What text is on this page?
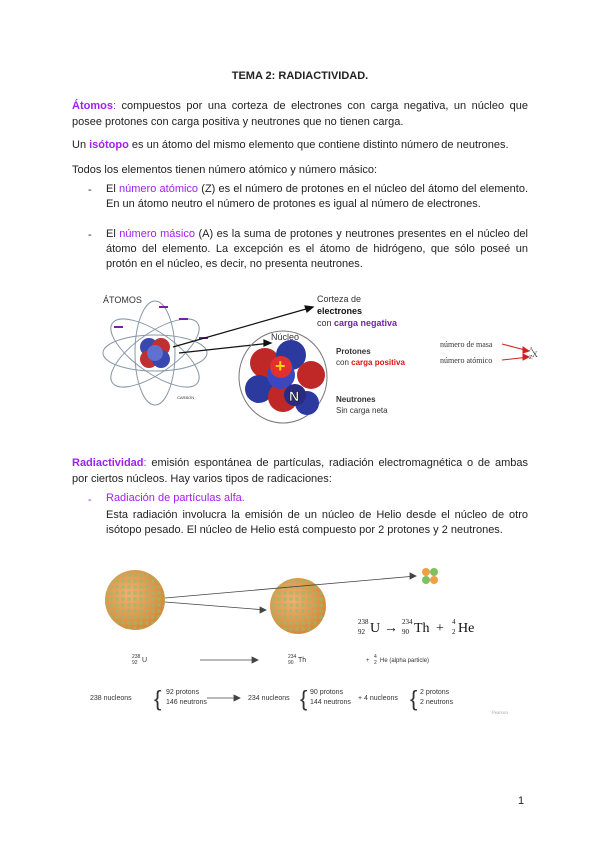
TEMA 2: RADIACTIVIDAD.

Átomos: compuestos por una corteza de electrones con carga negativa, un núcleo que posee protones con carga positiva y neutrones que no tienen carga.

Un isótopo es un átomo del mismo elemento que contiene distinto número de neutrones.

Todos los elementos tienen número atómico y número másico:

- El número atómico (Z) es el número de protones en el núcleo del átomo del elemento. En un átomo neutro el número de protones es igual al número de electrones.

- El número másico (A) es la suma de protones y neutrones presentes en el núcleo del átomo del elemento. La excepción es el átomo de hidrógeno, que sólo poseé un protón en el núcleo, es decir, no presenta neutrones.

ÁTOMOS
CARBON
+
N
Corteza de
electrones
con carga negativa
Núcleo
Protones
con carga positiva
Neutrones
Sin carga neta
número de masa
número atómico
A
Z X

Radiactividad: emisión espontánea de partículas, radiación electromagnética o de ambas por ciertos núcleos. Hay varios tipos de radicaciones:

- Radiación de partículas alfa.

Esta radiación involucra la emisión de un núcleo de Helio desde el núcleo de otro isótopo pesado. El núcleo de Helio está compuesto por 2 protones y 2 neutrones.

238
92 U → 234
90 Th + 4
2 He
238
92 U	234
90 Th	+
4
2 He (alpha particle)
238 nucleons { 92 protons
146 neutrons
234 nucleons { 90 protons
144 neutrons
+ 4 nucleons { 2 protons
2 neutrons
Pearson

1
